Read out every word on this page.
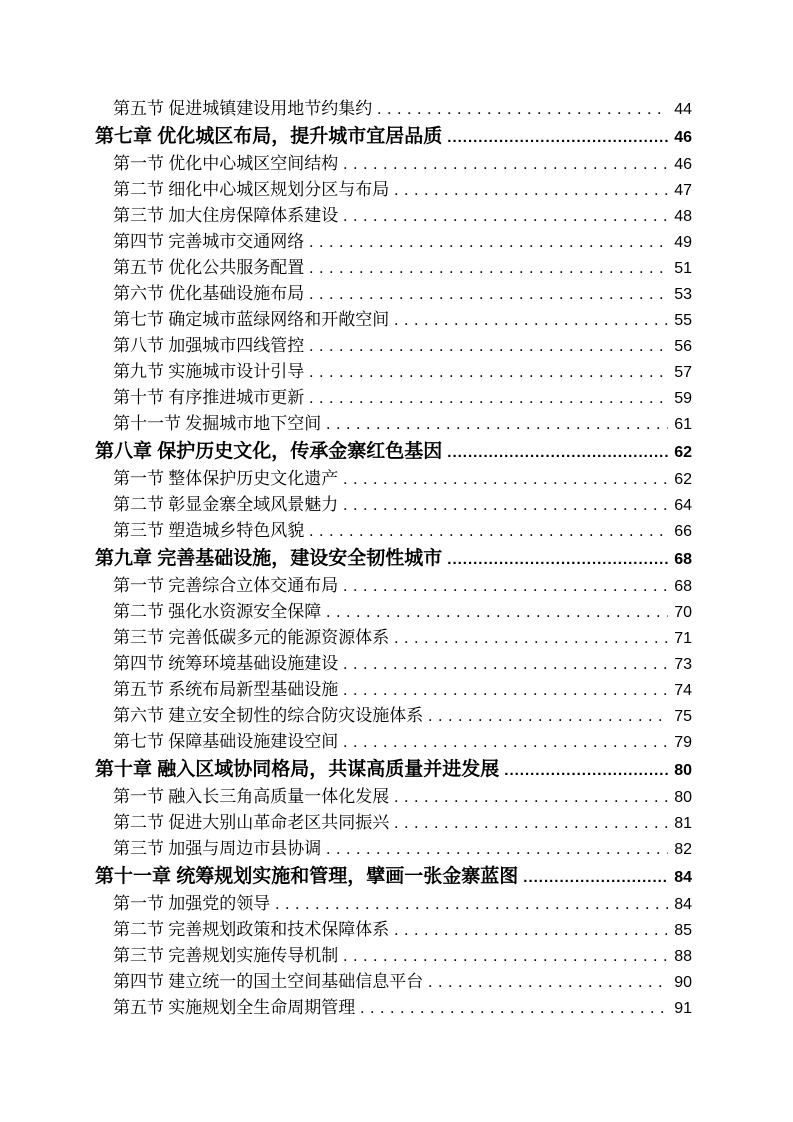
第五节 促进城镇建设用地节约集约 .....	44
第七章 优化城区布局，提升城市宜居品质 .....	46
第一节 优化中心城区空间结构 .....	46
第二节 细化中心城区规划分区与布局 .....	47
第三节 加大住房保障体系建设 .....	48
第四节 完善城市交通网络 .....	49
第五节 优化公共服务配置 .....	51
第六节 优化基础设施布局 .....	53
第七节 确定城市蓝绿网络和开敞空间 .....	55
第八节 加强城市四线管控 .....	56
第九节 实施城市设计引导 .....	57
第十节 有序推进城市更新 .....	59
第十一节 发掘城市地下空间 .....	61
第八章 保护历史文化，传承金寨红色基因 .....	62
第一节 整体保护历史文化遗产 .....	62
第二节 彰显金寨全域风景魅力 .....	64
第三节 塑造城乡特色风貌 .....	66
第九章 完善基础设施，建设安全韧性城市 .....	68
第一节 完善综合立体交通布局 .....	68
第二节 强化水资源安全保障 .....	70
第三节 完善低碳多元的能源资源体系 .....	71
第四节 统筹环境基础设施建设 .....	73
第五节 系统布局新型基础设施 .....	74
第六节 建立安全韧性的综合防灾设施体系 .....	75
第七节 保障基础设施建设空间 .....	79
第十章 融入区域协同格局，共谋高质量并进发展 .....	80
第一节 融入长三角高质量一体化发展 .....	80
第二节 促进大别山革命老区共同振兴 .....	81
第三节 加强与周边市县协调 .....	82
第十一章 统筹规划实施和管理，擘画一张金寨蓝图 .....	84
第一节 加强党的领导 .....	84
第二节 完善规划政策和技术保障体系 .....	85
第三节 完善规划实施传导机制 .....	88
第四节 建立统一的国土空间基础信息平台 .....	90
第五节 实施规划全生命周期管理 .....	91
